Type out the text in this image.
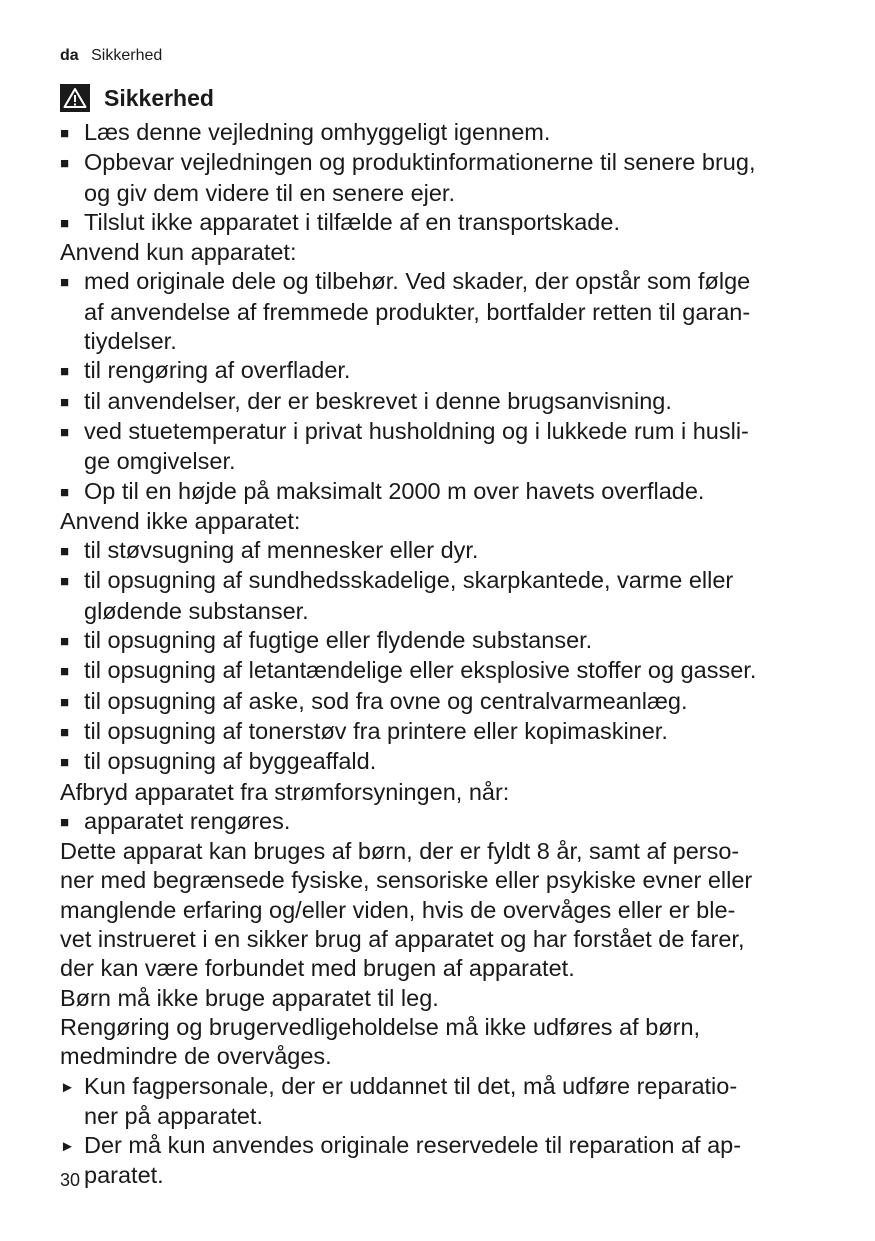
da Sikkerhed
Sikkerhed
■ Læs denne vejledning omhyggeligt igennem.
■ Opbevar vejledningen og produktinformationerne til senere brug,
og giv dem videre til en senere ejer.
■ Tilslut ikke apparatet i tilfælde af en transportskade.
Anvend kun apparatet:
■ med originale dele og tilbehør. Ved skader, der opstår som følge
af anvendelse af fremmede produkter, bortfalder retten til garan-
tiydelser.
■ til rengøring af overflader.
■ til anvendelser, der er beskrevet i denne brugsanvisning.
■ ved stuetemperatur i privat husholdning og i lukkede rum i husli-
ge omgivelser.
■ Op til en højde på maksimalt 2000 m over havets overflade.
Anvend ikke apparatet:
■ til støvsugning af mennesker eller dyr.
■ til opsugning af sundhedsskadelige, skarpkantede, varme eller
glødende substanser.
■ til opsugning af fugtige eller flydende substanser.
■ til opsugning af letantændelige eller eksplosive stoffer og gasser.
■ til opsugning af aske, sod fra ovne og centralvarmeanlæg.
■ til opsugning af tonerstøv fra printere eller kopimaskiner.
■ til opsugning af byggeaffald.
Afbryd apparatet fra strømforsyningen, når:
■ apparatet rengøres.
Dette apparat kan bruges af børn, der er fyldt 8 år, samt af perso-
ner med begrænsede fysiske, sensoriske eller psykiske evner eller
manglende erfaring og/eller viden, hvis de overvåges eller er ble-
vet instrueret i en sikker brug af apparatet og har forstået de farer,
der kan være forbundet med brugen af apparatet.
Børn må ikke bruge apparatet til leg.
Rengøring og brugervedligeholdelse må ikke udføres af børn,
medmindre de overvåges.
► Kun fagpersonale, der er uddannet til det, må udføre reparatio-
ner på apparatet.
► Der må kun anvendes originale reservedele til reparation af ap-
paratet.
30
